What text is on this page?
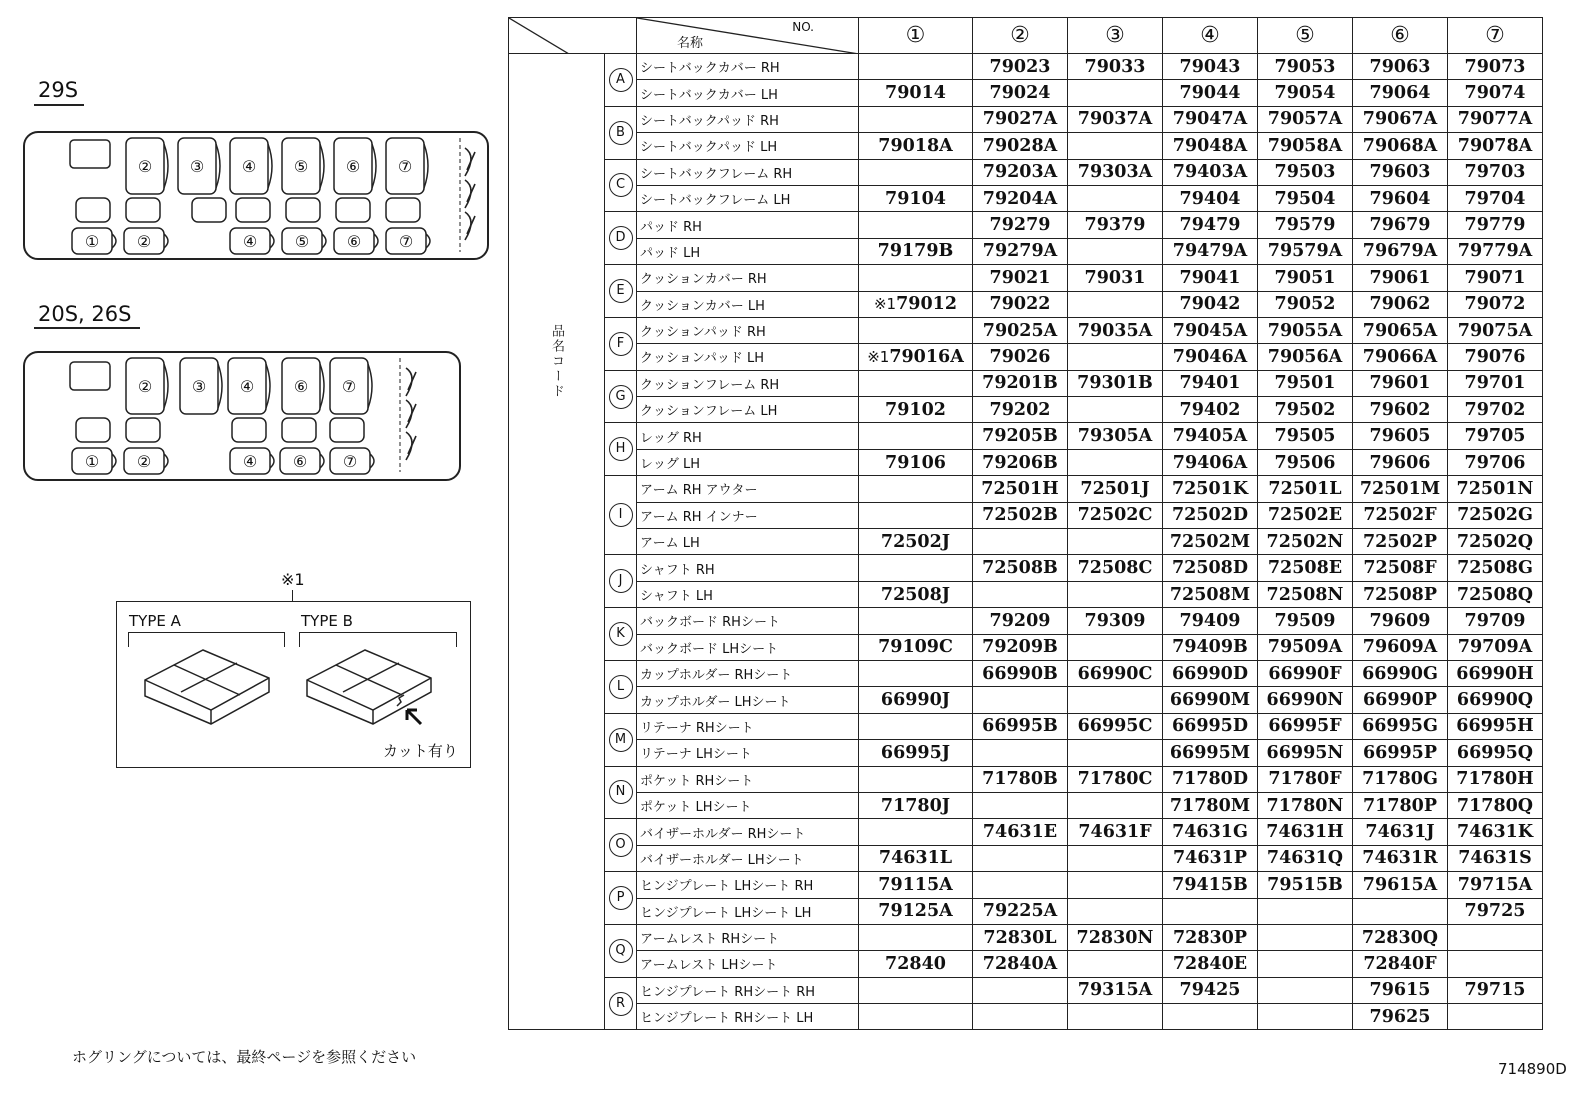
29S
② ③ ④ ⑤ ⑥ ⑦
① ②	④ ⑤ ⑥ ⑦
20S, 26S
② ③ ④ ⑥ ⑦
① ②	④ ⑥ ⑦
※1
TYPE A	TYPE B
カット有り
ホグリングについては、最終ページを参照ください

NO.
名称	①	②	③	④	⑤	⑥	⑦
品名コード	A	シートバックカバー RH		79023	79033	79043	79053	79063	79073
		シートバックカバー LH	79014	79024		79044	79054	79064	79074
	B	シートバックパッド RH		79027A	79037A	79047A	79057A	79067A	79077A
		シートバックパッド LH	79018A	79028A		79048A	79058A	79068A	79078A
	C	シートバックフレーム RH		79203A	79303A	79403A	79503	79603	79703
		シートバックフレーム LH	79104	79204A		79404	79504	79604	79704
	D	パッド RH		79279	79379	79479	79579	79679	79779
		パッド LH	79179B	79279A		79479A	79579A	79679A	79779A
	E	クッションカバー RH		79021	79031	79041	79051	79061	79071
		クッションカバー LH	※179012	79022		79042	79052	79062	79072
	F	クッションパッド RH		79025A	79035A	79045A	79055A	79065A	79075A
		クッションパッド LH	※179016A	79026		79046A	79056A	79066A	79076
	G	クッションフレーム RH		79201B	79301B	79401	79501	79601	79701
		クッションフレーム LH	79102	79202		79402	79502	79602	79702
	H	レッグ RH		79205B	79305A	79405A	79505	79605	79705
		レッグ LH	79106	79206B		79406A	79506	79606	79706
	I	アーム RH アウター		72501H	72501J	72501K	72501L	72501M	72501N
		アーム RH インナー		72502B	72502C	72502D	72502E	72502F	72502G
		アーム LH	72502J			72502M	72502N	72502P	72502Q
	J	シャフト RH		72508B	72508C	72508D	72508E	72508F	72508G
		シャフト LH	72508J			72508M	72508N	72508P	72508Q
	K	バックボード RHシート		79209	79309	79409	79509	79609	79709
		バックボード LHシート	79109C	79209B		79409B	79509A	79609A	79709A
	L	カップホルダー RHシート		66990B	66990C	66990D	66990F	66990G	66990H
		カップホルダー LHシート	66990J			66990M	66990N	66990P	66990Q
	M	リテーナ RHシート		66995B	66995C	66995D	66995F	66995G	66995H
		リテーナ LHシート	66995J			66995M	66995N	66995P	66995Q
	N	ポケット RHシート		71780B	71780C	71780D	71780F	71780G	71780H
		ポケット LHシート	71780J			71780M	71780N	71780P	71780Q
	O	バイザーホルダー RHシート		74631E	74631F	74631G	74631H	74631J	74631K
		バイザーホルダー LHシート	74631L			74631P	74631Q	74631R	74631S
	P	ヒンジプレート LHシート RH	79115A			79415B	79515B	79615A	79715A
		ヒンジプレート LHシート LH	79125A	79225A					79725
	Q	アームレスト RHシート		72830L	72830N	72830P		72830Q	
		アームレスト LHシート	72840	72840A		72840E		72840F	
	R	ヒンジプレート RHシート RH			79315A	79425		79615	79715
		ヒンジプレート RHシート LH						79625	
714890D
